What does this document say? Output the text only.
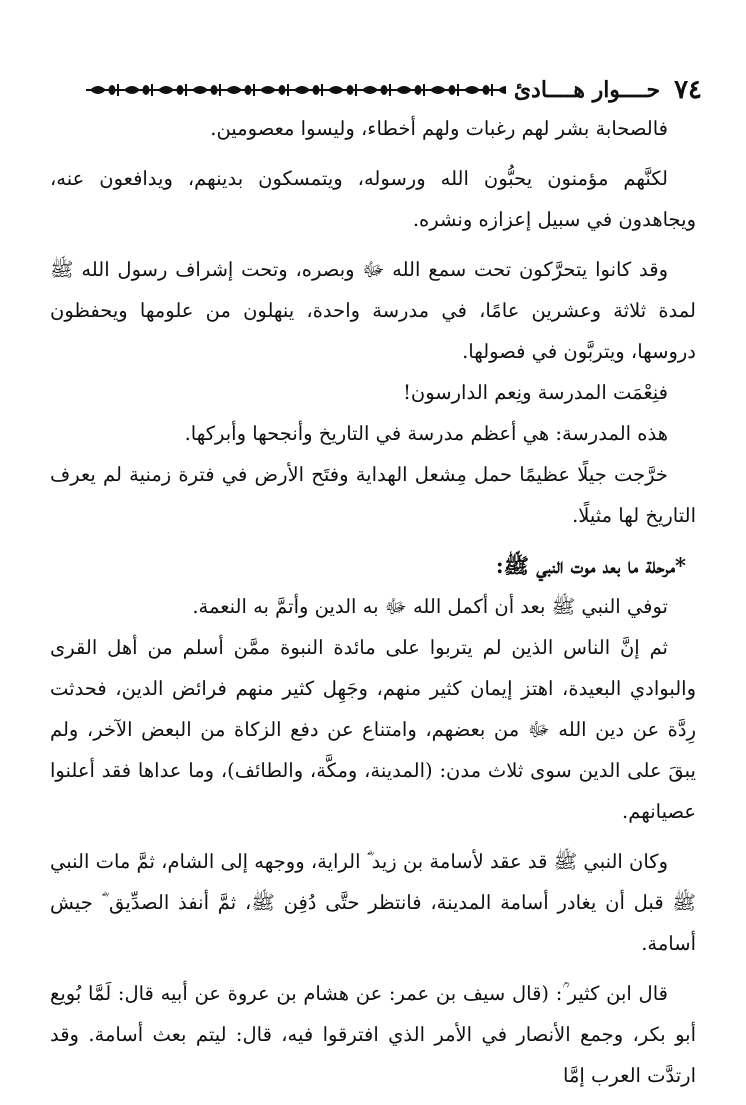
٧٤
حــــوار هــــادئ

فالصحابة بشر لهم رغبات ولهم أخطاء، وليسوا معصومين.

لكنَّهم مؤمنون يحبُّون الله ورسوله، ويتمسكون بدينهم، ويدافعون عنه، ويجاهدون في سبيل إعزازه ونشره.

وقد كانوا يتحرَّكون تحت سمع الله ﷻ وبصره، وتحت إشراف رسول الله ﷺ لمدة ثلاثة وعشرين عامًا، في مدرسة واحدة، ينهلون من علومها ويحفظون دروسها، ويتربَّون في فصولها.

فنِعْمَت المدرسة ونِعم الدارسون!

هذه المدرسة: هي أعظم مدرسة في التاريخ وأنجحها وأبركها.

خرَّجت جيلًا عظيمًا حمل مِشعل الهداية وفتَح الأرض في فترة زمنية لم يعرف التاريخ لها مثيلًا.

*مرحلة ما بعد موت النبي ﷺ:

توفي النبي ﷺ بعد أن أكمل الله ﷻ به الدين وأتمَّ به النعمة.

ثم إنَّ الناس الذين لم يتربوا على مائدة النبوة ممَّن أسلم من أهل القرى والبوادي البعيدة، اهتز إيمان كثير منهم، وجَهِل كثير منهم فرائض الدين، فحدثت رِدَّة عن دين الله ﷻ من بعضهم، وامتناع عن دفع الزكاة من البعض الآخر، ولم يبقَ على الدين سوى ثلاث مدن: (المدينة، ومكَّة، والطائف)، وما عداها فقد أعلنوا عصيانهم.

وكان النبي ﷺ قد عقد لأسامة بن زيد ؓ الراية، ووجهه إلى الشام، ثمَّ مات النبي ﷺ قبل أن يغادر أسامة المدينة، فانتظر حتَّى دُفِن ﷺ، ثمَّ أنفذ الصدِّيق ؓ جيش أسامة.

قال ابن كثير ؒ: (قال سيف بن عمر: عن هشام بن عروة عن أبيه قال: لَمَّا بُويع أبو بكر، وجمع الأنصار في الأمر الذي افترقوا فيه، قال: ليتم بعث أسامة. وقد ارتدَّت العرب إمَّا
